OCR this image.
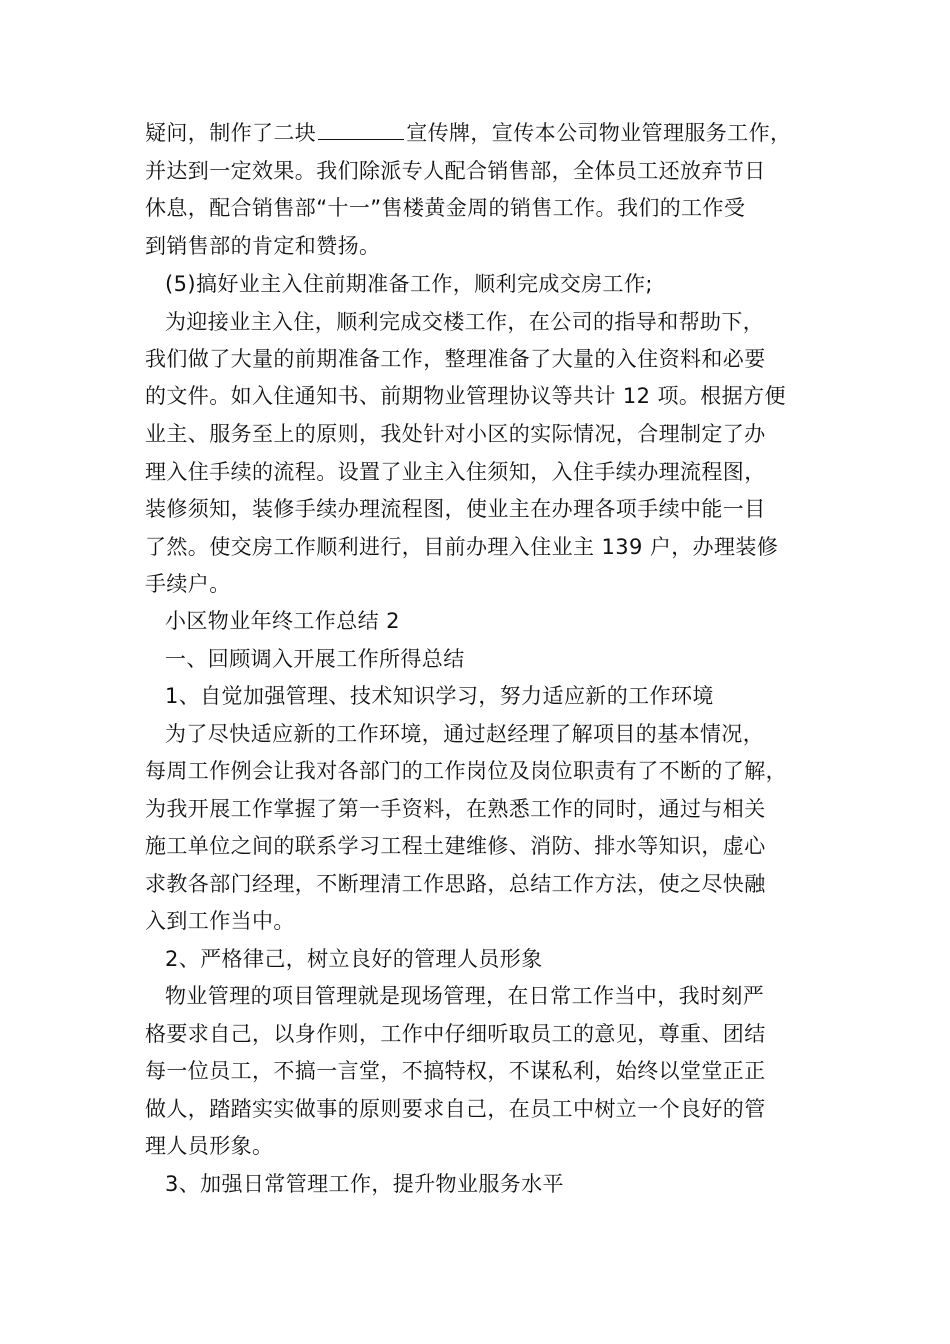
疑问，制作了二块	宣传牌，宣传本公司物业管理服务工作，
并达到一定效果。我们除派专人配合销售部，全体员工还放弃节日
休息，配合销售部“十一”售楼黄金周的销售工作。我们的工作受
到销售部的肯定和赞扬。
(5)搞好业主入住前期准备工作，顺利完成交房工作;
为迎接业主入住，顺利完成交楼工作，在公司的指导和帮助下，
我们做了大量的前期准备工作，整理准备了大量的入住资料和必要
的文件。如入住通知书、前期物业管理协议等共计 12 项。根据方便
业主、服务至上的原则，我处针对小区的实际情况，合理制定了办
理入住手续的流程。设置了业主入住须知，入住手续办理流程图，
装修须知，装修手续办理流程图，使业主在办理各项手续中能一目
了然。使交房工作顺利进行，目前办理入住业主 139 户，办理装修
手续户。
小区物业年终工作总结 2
一、回顾调入开展工作所得总结
1、自觉加强管理、技术知识学习，努力适应新的工作环境
为了尽快适应新的工作环境，通过赵经理了解项目的基本情况，
每周工作例会让我对各部门的工作岗位及岗位职责有了不断的了解，
为我开展工作掌握了第一手资料，在熟悉工作的同时，通过与相关
施工单位之间的联系学习工程土建维修、消防、排水等知识，虚心
求教各部门经理，不断理清工作思路，总结工作方法，使之尽快融
入到工作当中。
2、严格律己，树立良好的管理人员形象
物业管理的项目管理就是现场管理，在日常工作当中，我时刻严
格要求自己，以身作则，工作中仔细听取员工的意见，尊重、团结
每一位员工，不搞一言堂，不搞特权，不谋私利，始终以堂堂正正
做人，踏踏实实做事的原则要求自己，在员工中树立一个良好的管
理人员形象。
3、加强日常管理工作，提升物业服务水平
